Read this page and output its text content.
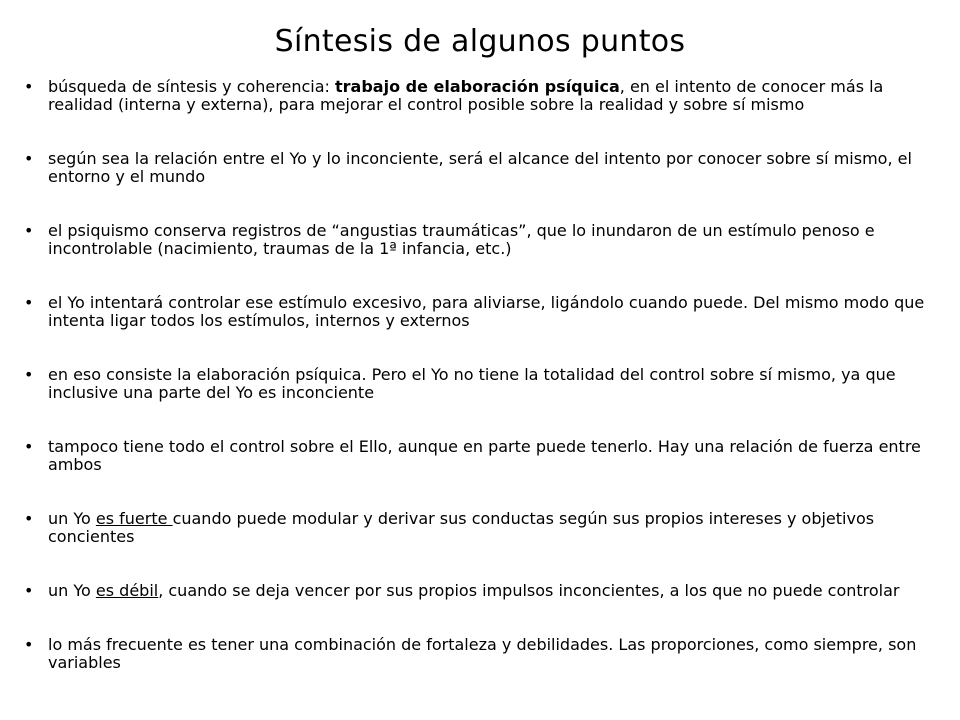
Síntesis de algunos puntos
• búsqueda de síntesis y coherencia: trabajo de elaboración psíquica, en el intento de conocer más la realidad (interna y externa), para mejorar el control posible sobre la realidad y sobre sí mismo
• según sea la relación entre el Yo y lo inconciente, será el alcance del intento por conocer sobre sí mismo, el entorno y el mundo
• el psiquismo conserva registros de “angustias traumáticas”, que lo inundaron de un estímulo penoso e incontrolable (nacimiento, traumas de la 1ª infancia, etc.)
• el Yo intentará controlar ese estímulo excesivo, para aliviarse, ligándolo cuando puede. Del mismo modo que intenta ligar todos los estímulos, internos y externos
• en eso consiste la elaboración psíquica. Pero el Yo no tiene la totalidad del control sobre sí mismo, ya que inclusive una parte del Yo es inconciente
• tampoco tiene todo el control sobre el Ello, aunque en parte puede tenerlo. Hay una relación de fuerza entre ambos
• un Yo es fuerte cuando puede modular y derivar sus conductas según sus propios intereses y objetivos concientes
• un Yo es débil, cuando se deja vencer por sus propios impulsos inconcientes, a los que no puede controlar
• lo más frecuente es tener una combinación de fortaleza y debilidades. Las proporciones, como siempre, son variables
